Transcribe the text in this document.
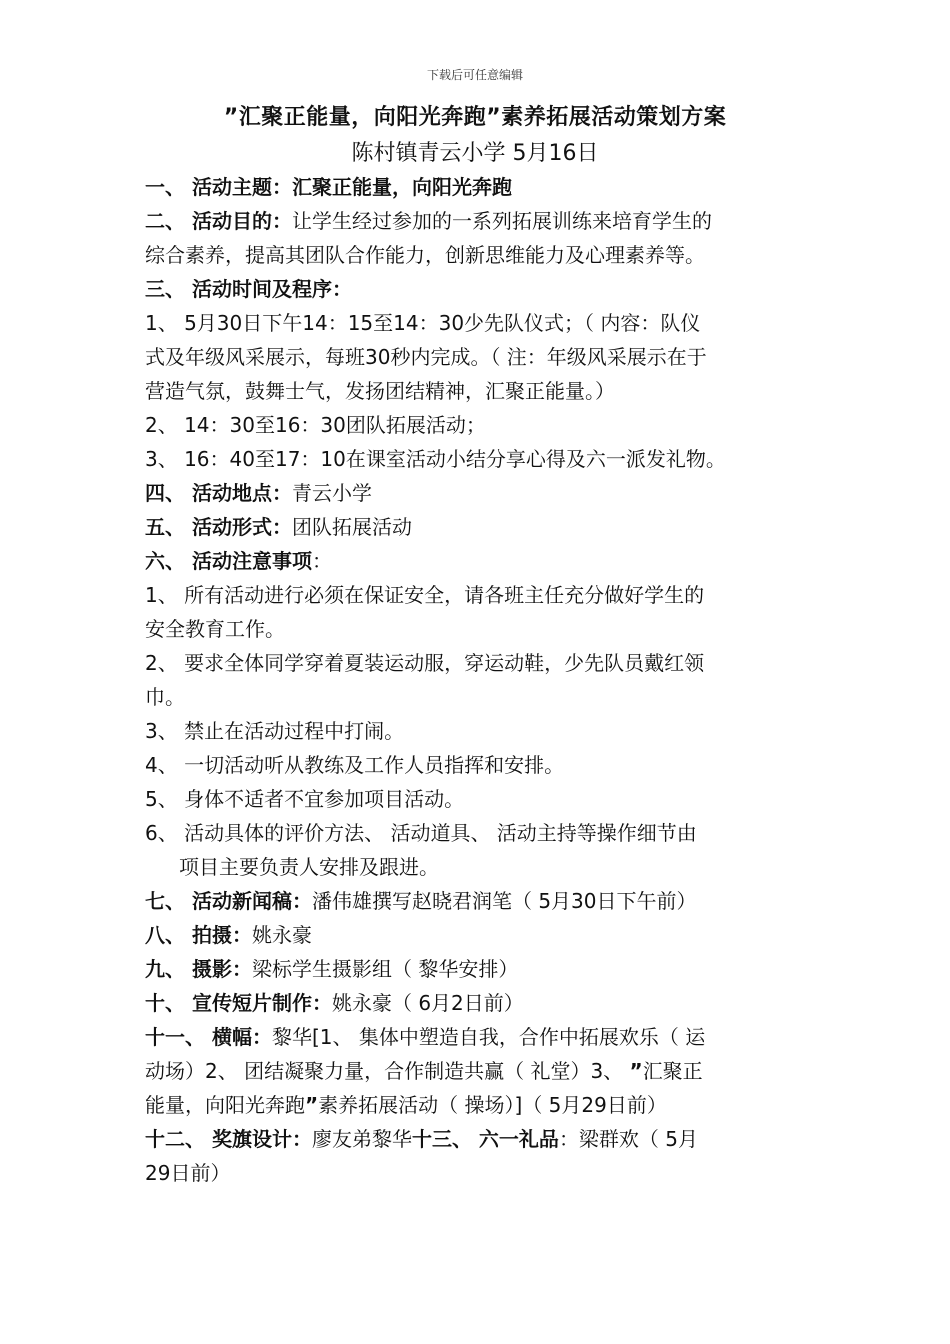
下载后可任意编辑
”汇聚正能量，向阳光奔跑”素养拓展活动策划方案
陈村镇青云小学 5月16日
一、 活动主题：汇聚正能量，向阳光奔跑
二、 活动目的：让学生经过参加的一系列拓展训练来培育学生的
综合素养，提高其团队合作能力，创新思维能力及心理素养等。
三、 活动时间及程序：
1、 5月30日下午14：15至14：30少先队仪式；（ 内容：队仪
式及年级风采展示，每班30秒内完成。（ 注：年级风采展示在于
营造气氛，鼓舞士气，发扬团结精神，汇聚正能量。）
2、 14：30至16：30团队拓展活动；
3、 16：40至17：10在课室活动小结分享心得及六一派发礼物。
四、 活动地点：青云小学
五、 活动形式：团队拓展活动
六、 活动注意事项：
1、 所有活动进行必须在保证安全，请各班主任充分做好学生的
安全教育工作。
2、 要求全体同学穿着夏装运动服，穿运动鞋，少先队员戴红领
巾。
3、 禁止在活动过程中打闹。
4、 一切活动听从教练及工作人员指挥和安排。
5、 身体不适者不宜参加项目活动。
6、 活动具体的评价方法、 活动道具、 活动主持等操作细节由
项目主要负责人安排及跟进。
七、 活动新闻稿：潘伟雄撰写赵晓君润笔（ 5月30日下午前）
八、 拍摄：姚永豪
九、 摄影：梁标学生摄影组（ 黎华安排）
十、 宣传短片制作：姚永豪（ 6月2日前）
十一、 横幅：黎华[1、 集体中塑造自我，合作中拓展欢乐（ 运
动场）2、 团结凝聚力量，合作制造共赢（ 礼堂）3、 ”汇聚正
能量，向阳光奔跑”素养拓展活动（ 操场）]（ 5月29日前）
十二、 奖旗设计：廖友弟黎华十三、 六一礼品：梁群欢（ 5月
29日前）
